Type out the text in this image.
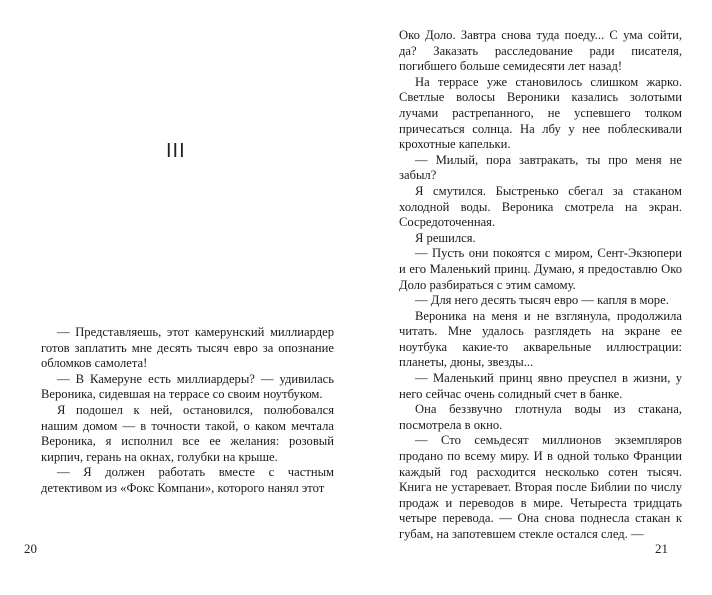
III

— Представляешь, этот камерунский миллиардер готов заплатить мне десять тысяч евро за опознание обломков самолета!

— В Камеруне есть миллиардеры? — удивилась Вероника, сидевшая на террасе со своим ноутбуком.

Я подошел к ней, остановился, полюбовался нашим домом — в точности такой, о каком мечтала Вероника, я исполнил все ее желания: розовый кирпич, герань на окнах, голубки на крыше.

— Я должен работать вместе с частным детективом из «Фокс Компани», которого нанял этот

20

Око Доло. Завтра снова туда поеду... С ума сойти, да? Заказать расследование ради писателя, погибшего больше семидесяти лет назад!

На террасе уже становилось слишком жарко. Светлые волосы Вероники казались золотыми лучами растрепанного, не успевшего толком причесаться солнца. На лбу у нее поблескивали крохотные капельки.

— Милый, пора завтракать, ты про меня не забыл?

Я смутился. Быстренько сбегал за стаканом холодной воды. Вероника смотрела на экран. Сосредоточенная.

Я решился.

— Пусть они покоятся с миром, Сент-Экзюпери и его Маленький принц. Думаю, я предоставлю Око Доло разбираться с этим самому.

— Для него десять тысяч евро — капля в море.

Вероника на меня и не взглянула, продолжила читать. Мне удалось разглядеть на экране ее ноутбука какие-то акварельные иллюстрации: планеты, дюны, звезды...

— Маленький принц явно преуспел в жизни, у него сейчас очень солидный счет в банке.

Она беззвучно глотнула воды из стакана, посмотрела в окно.

— Сто семьдесят миллионов экземпляров продано по всему миру. И в одной только Франции каждый год расходится несколько сотен тысяч. Книга не устаревает. Вторая после Библии по числу продаж и переводов в мире. Четыреста тридцать четыре перевода. — Она снова поднесла стакан к губам, на запотевшем стекле остался след. —

21
